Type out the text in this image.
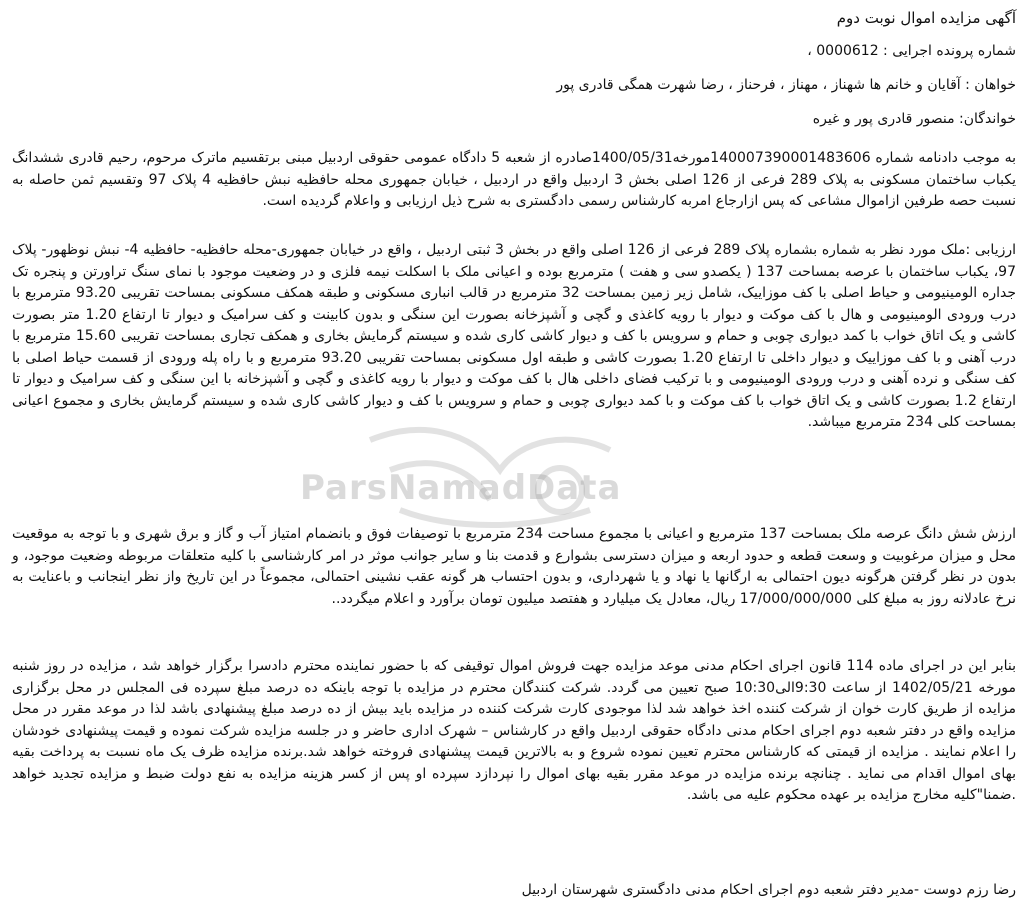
آگهی مزایده اموال نوبت دوم
شماره پرونده اجرایی : 0000612 ،
خواهان : آقایان و خانم ها شهناز ، مهناز ، فرحناز ، رضا شهرت همگی قادری پور
خواندگان: منصور قادری پور و غیره
به موجب دادنامه شماره 14000739000148360‌6مورخه1400/05/31صادره از شعبه 5 دادگاه عمومی حقوقی اردبیل مبنی برتقسیم ماترک مرحوم، رحیم قادری ششدانگ یکباب ساختمان مسکونی به پلاک 289 فرعی از 126 اصلی بخش 3 اردبیل واقع در اردبیل ، خیابان جمهوری محله حافظیه نبش حافظیه 4 پلاک 97 وتقسیم ثمن حاصله به نسبت حصه طرفین ازاموال مشاعی که پس ازارجاع امربه کارشناس رسمی دادگستری به شرح ذیل ارزیابی و واعلام گردیده است.
ارزیابی :ملک مورد نظر به شماره بشماره پلاک 289 فرعی از 126 اصلی واقع در بخش 3 ثبتی اردبیل ، واقع در خیابان جمهوری-محله حافظیه- حافظیه 4- نبش نوظهور- پلاک 97، یکباب ساختمان با عرصه بمساحت 137 ( یکصدو سی و هفت ) مترمربع بوده و اعیانی ملک با اسکلت نیمه فلزی و در وضعیت موجود با نمای سنگ تراورتن و پنجره تک جداره الومینیومی و حیاط اصلی با کف موزاییک، شامل زیر زمین بمساحت 32 مترمربع در قالب انباری مسکونی و طبقه همکف مسکونی بمساحت تقریبی 93.20 مترمربع با درب ورودی الومینیومی و هال با کف موکت و دیوار با رویه کاغذی و گچی و آشپزخانه بصورت این سنگی و بدون کابینت و کف سرامیک و دیوار تا ارتفاع 1.20 متر بصورت کاشی و یک اتاق خواب با کمد دیواری چوبی و حمام و سرویس با کف و دیوار کاشی کاری شده و سیستم گرمایش بخاری و همکف تجاری بمساحت تقریبی 15.60 مترمربع با درب آهنی و با کف موزاییک و دیوار داخلی تا ارتفاع 1.20 بصورت کاشی و طبقه اول مسکونی بمساحت تقریبی 93.20 مترمربع و با راه پله ورودی از قسمت حیاط اصلی با کف سنگی و نرده آهنی و درب ورودی الومینیومی و با ترکیب فضای داخلی هال با کف موکت و دیوار با رویه کاغذی و گچی و آشپزخانه با این سنگی و کف سرامیک و دیوار تا ارتفاع 1.2 بصورت کاشی و یک اتاق خواب با کف موکت و با کمد دیواری چوبی و حمام و سرویس با کف و دیوار کاشی کاری شده و سیستم گرمایش بخاری و مجموع اعیانی بمساحت کلی 234 مترمربع میباشد.
ارزش شش دانگ عرصه ملک بمساحت 137 مترمربع و اعیانی با مجموع مساحت 234 مترمربع با توصیفات فوق و بانضمام امتیاز آب و گاز و برق شهری و با توجه به موقعیت محل و میزان مرغوبیت و وسعت قطعه و حدود اربعه و میزان دسترسی بشوارع و قدمت بنا و سایر جوانب موثر در امر کارشناسی با کلیه متعلقات مربوطه وضعیت موجود، و بدون در نظر گرفتن هرگونه دیون احتمالی به ارگانها یا نهاد و یا شهرداری، و بدون احتساب هر گونه عقب نشینی احتمالی، مجموعاً در این تاریخ واز نظر اینجانب و باعنایت به نرخ عادلانه روز به مبلغ کلی 17/000/000/000 ریال، معادل یک میلیارد و هفتصد میلیون تومان برآورد و اعلام میگردد..
بنابر این در اجرای ماده 114 قانون اجرای احکام مدنی موعد مزایده جهت فروش اموال توقیفی که با حضور نماینده محترم دادسرا برگزار خواهد شد ، مزایده در روز شنبه مورخه 1402/05/21 از ساعت 9:30الی10:30 صبح تعیین می گردد. شرکت کنندگان محترم در مزایده با توجه باینکه ده درصد مبلغ سپرده فی المجلس در محل برگزاری مزایده از طریق کارت خوان از شرکت کننده اخذ خواهد شد لذا موجودی کارت شرکت کننده در مزایده باید بیش از ده درصد مبلغ پیشنهادی باشد لذا در موعد مقرر در محل مزایده واقع در دفتر شعبه دوم اجرای احکام مدنی دادگاه حقوقی اردبیل واقع در کارشناس – شهرک اداری حاضر و در جلسه مزایده شرکت نموده و قیمت پیشنهادی خودشان را اعلام نمایند . مزایده از قیمتی که کارشناس محترم تعیین نموده شروع و به بالاترین قیمت پیشنهادی فروخته خواهد شد.برنده مزایده ظرف یک ماه نسبت به پرداخت بقیه بهای اموال اقدام می نماید . چنانچه برنده مزایده در موعد مقرر بقیه بهای اموال را نپردازد سپرده او پس از کسر هزینه مزایده به نفع دولت ضبط و مزایده تجدید خواهد .ضمنا"کلیه مخارج مزایده بر عهده محکوم علیه می باشد.
رضا رزم دوست -مدیر دفتر شعبه دوم اجرای احکام مدنی دادگستری شهرستان اردبیل
ParsNamadData
